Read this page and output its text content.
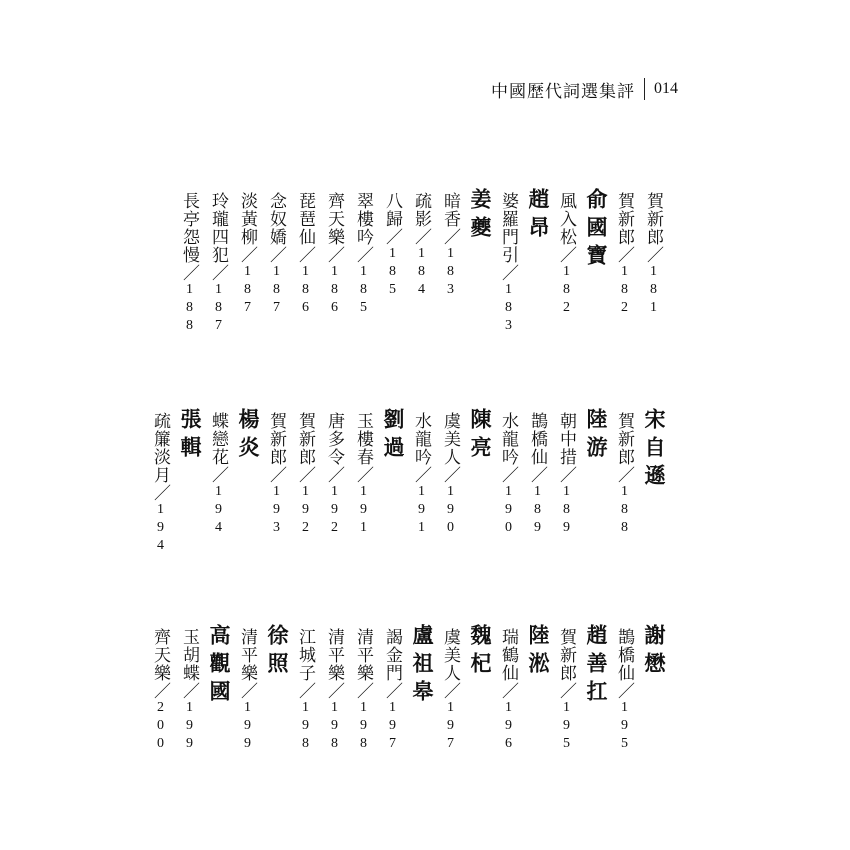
中國歷代詞選集評 014
賀新郎／181
賀新郎／182
俞國寶
風入松／182
趙昂
婆羅門引／183
姜夔
暗香／183
疏影／184
八歸／185
翠樓吟／185
齊天樂／186
琵琶仙／186
念奴嬌／187
淡黃柳／187
玲瓏四犯／187
長亭怨慢／188
宋自遜
賀新郎／188
陸游
朝中措／189
鵲橋仙／189
水龍吟／190
陳亮
虞美人／190
水龍吟／191
劉過
玉樓春／191
唐多令／192
賀新郎／192
賀新郎／193
楊炎
蝶戀花／194
張輯
疏簾淡月／194
謝懋
鵲橋仙／195
趙善扛
賀新郎／195
陸淞
瑞鶴仙／196
魏杞
虞美人／197
盧祖皋
謁金門／197
清平樂／198
清平樂／198
江城子／198
徐照
清平樂／199
高觀國
玉胡蝶／199
齊天樂／200
